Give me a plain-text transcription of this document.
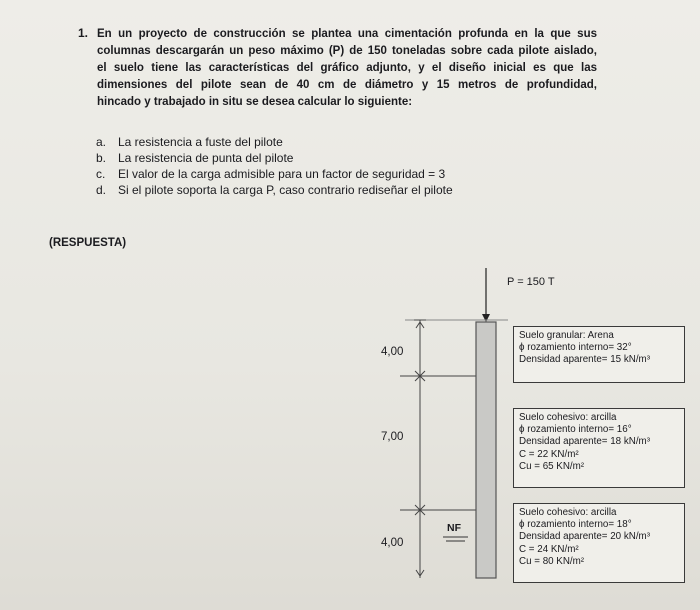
1. En un proyecto de construcción se plantea una cimentación profunda en la que sus
columnas descargarán un peso máximo (P) de 150 toneladas sobre cada pilote aislado,
el suelo tiene las características del gráfico adjunto, y el diseño inicial es que las
dimensiones del pilote sean de 40 cm de diámetro y 15 metros de profundidad,
hincado y trabajado in situ se desea calcular lo siguiente:
a. La resistencia a fuste del pilote
b. La resistencia de punta del pilote
c. El valor de la carga admisible para un factor de seguridad = 3
d. Si el pilote soporta la carga P, caso contrario rediseñar el pilote
(RESPUESTA)
P = 150 T
NF
4,00
7,00
4,00
Suelo granular: Arena
ϕ rozamiento interno= 32°
Densidad aparente= 15 kN/m³
Suelo cohesivo: arcilla
ϕ rozamiento interno= 16°
Densidad aparente= 18 kN/m³
C = 22 KN/m²
Cu = 65 KN/m²
Suelo cohesivo: arcilla
ϕ rozamiento interno= 18°
Densidad aparente= 20 kN/m³
C = 24 KN/m²
Cu = 80 KN/m²
